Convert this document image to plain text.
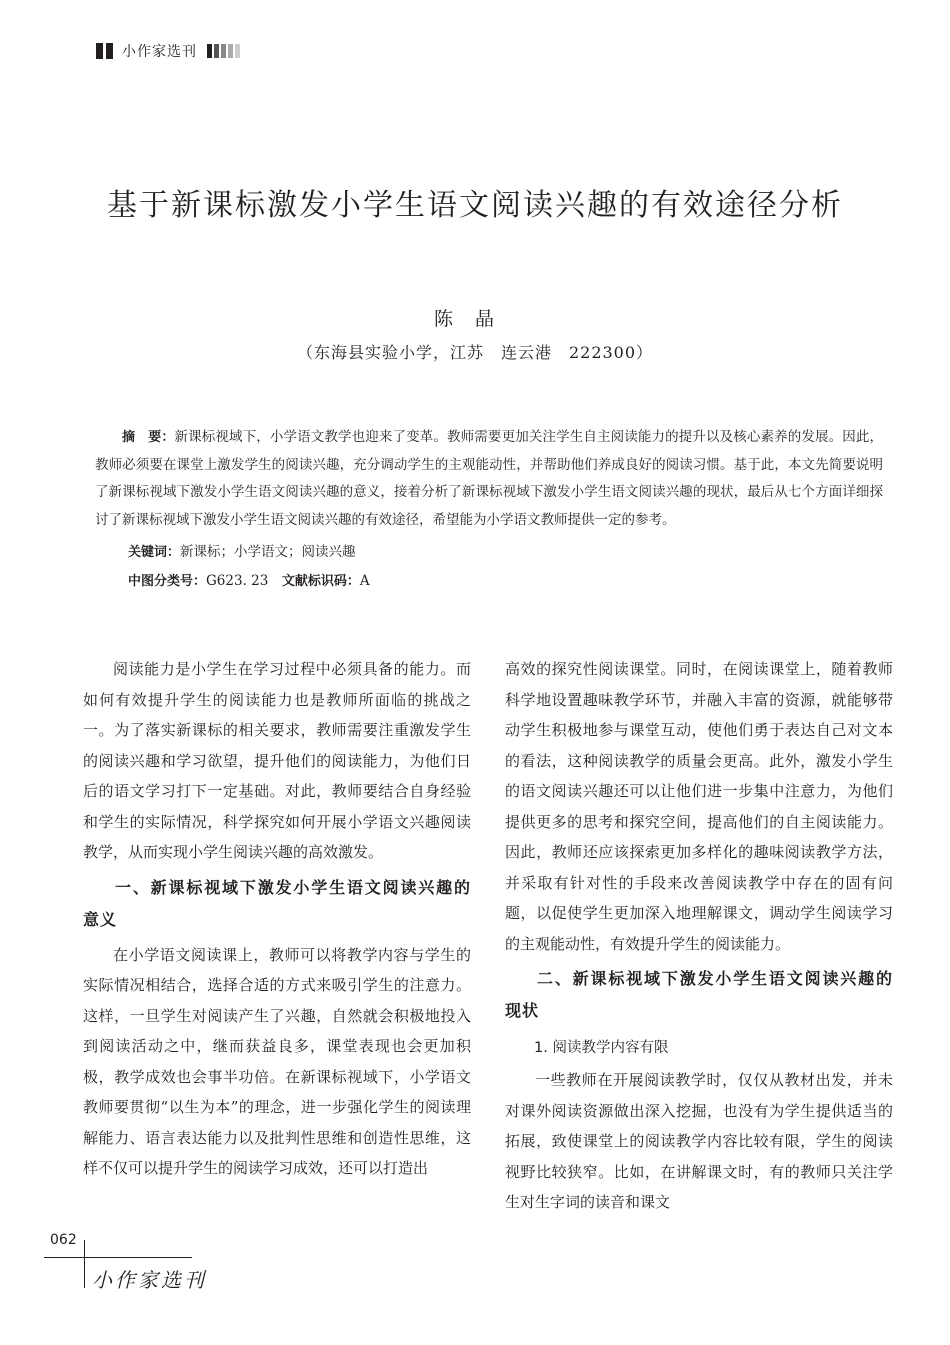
小作家选刊
基于新课标激发小学生语文阅读兴趣的有效途径分析
陈晶
（东海县实验小学，江苏　连云港　222300）

摘　要：新课标视域下，小学语文教学也迎来了变革。教师需要更加关注学生自主阅读能力的提升以及核心素养的发展。因此，教师必须要在课堂上激发学生的阅读兴趣，充分调动学生的主观能动性，并帮助他们养成良好的阅读习惯。基于此，本文先简要说明了新课标视域下激发小学生语文阅读兴趣的意义，接着分析了新课标视域下激发小学生语文阅读兴趣的现状，最后从七个方面详细探讨了新课标视域下激发小学生语文阅读兴趣的有效途径，希望能为小学语文教师提供一定的参考。

关键词：新课标；小学语文；阅读兴趣
中图分类号：G623. 23　 文献标识码：A

阅读能力是小学生在学习过程中必须具备的能力。而如何有效提升学生的阅读能力也是教师所面临的挑战之一。为了落实新课标的相关要求，教师需要注重激发学生的阅读兴趣和学习欲望，提升他们的阅读能力，为他们日后的语文学习打下一定基础。对此，教师要结合自身经验和学生的实际情况，科学探究如何开展小学语文兴趣阅读教学，从而实现小学生阅读兴趣的高效激发。

一、新课标视域下激发小学生语文阅读兴趣的意义

在小学语文阅读课上，教师可以将教学内容与学生的实际情况相结合，选择合适的方式来吸引学生的注意力。这样，一旦学生对阅读产生了兴趣，自然就会积极地投入到阅读活动之中，继而获益良多，课堂表现也会更加积极，教学成效也会事半功倍。在新课标视域下，小学语文教师要贯彻“以生为本”的理念，进一步强化学生的阅读理解能力、语言表达能力以及批判性思维和创造性思维，这样不仅可以提升学生的阅读学习成效，还可以打造出

高效的探究性阅读课堂。同时，在阅读课堂上，随着教师科学地设置趣味教学环节，并融入丰富的资源，就能够带动学生积极地参与课堂互动，使他们勇于表达自己对文本的看法，这种阅读教学的质量会更高。此外，激发小学生的语文阅读兴趣还可以让他们进一步集中注意力，为他们提供更多的思考和探究空间，提高他们的自主阅读能力。因此，教师还应该探索更加多样化的趣味阅读教学方法，并采取有针对性的手段来改善阅读教学中存在的固有问题，以促使学生更加深入地理解课文，调动学生阅读学习的主观能动性，有效提升学生的阅读能力。

二、新课标视域下激发小学生语文阅读兴趣的现状
1. 阅读教学内容有限

一些教师在开展阅读教学时，仅仅从教材出发，并未对课外阅读资源做出深入挖掘，也没有为学生提供适当的拓展，致使课堂上的阅读教学内容比较有限，学生的阅读视野比较狭窄。比如，在讲解课文时，有的教师只关注学生对生字词的读音和课文

062
小作家选刊
